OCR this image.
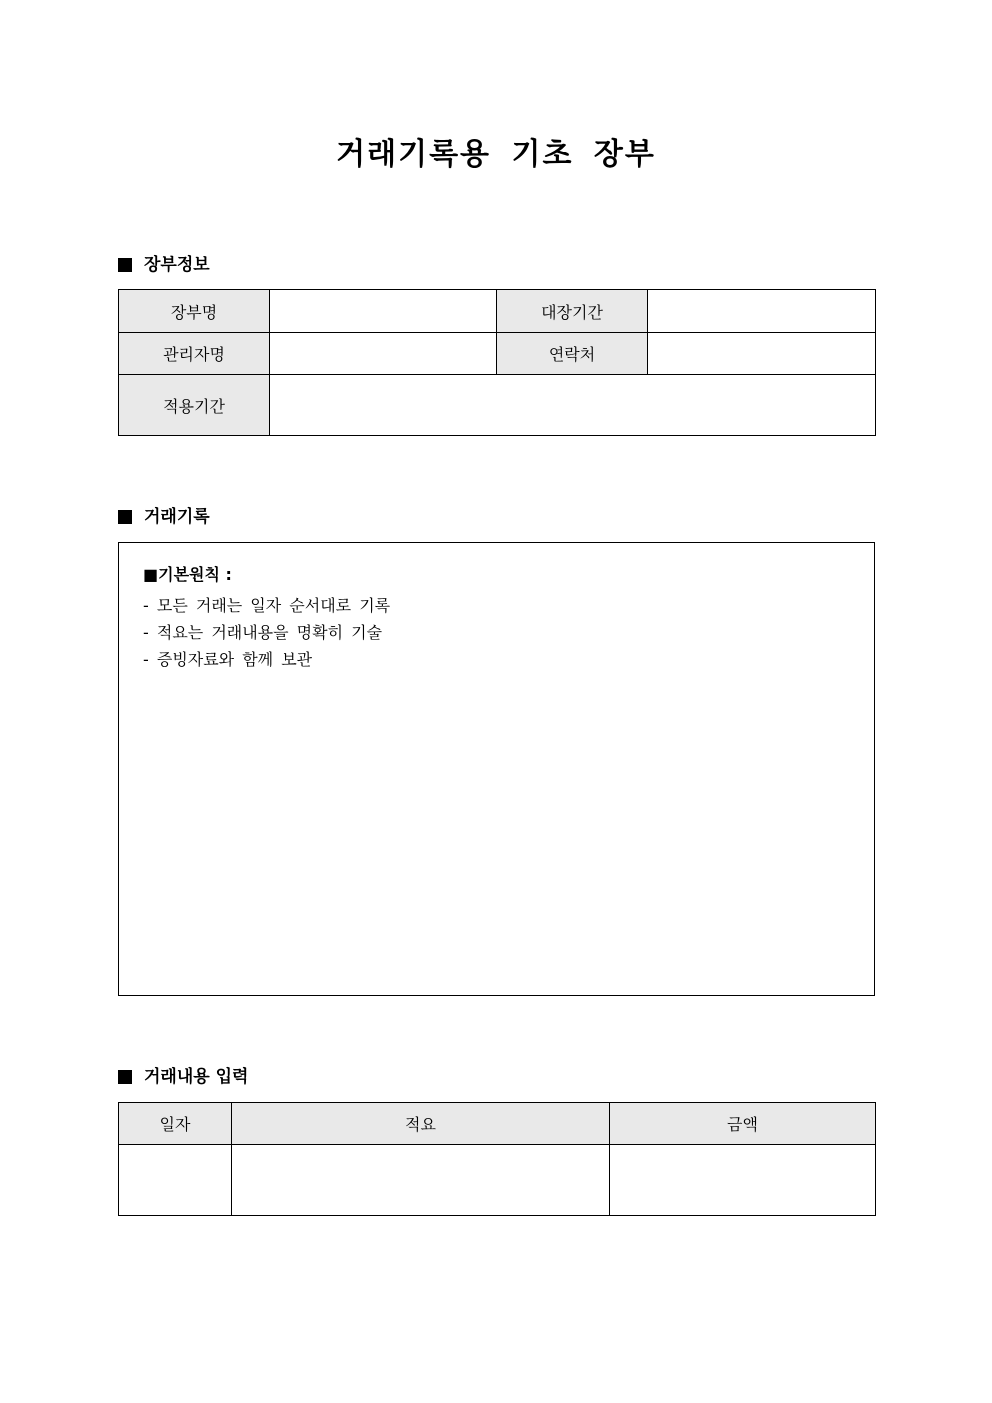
거래기록용 기초 장부
장부정보
장부명		대장기간	
관리자명		연락처	
적용기간			
거래기록
■기본원칙 :
- 모든 거래는 일자 순서대로 기록
- 적요는 거래내용을 명확히 기술
- 증빙자료와 함께 보관
거래내용 입력
일자	적요	금액
